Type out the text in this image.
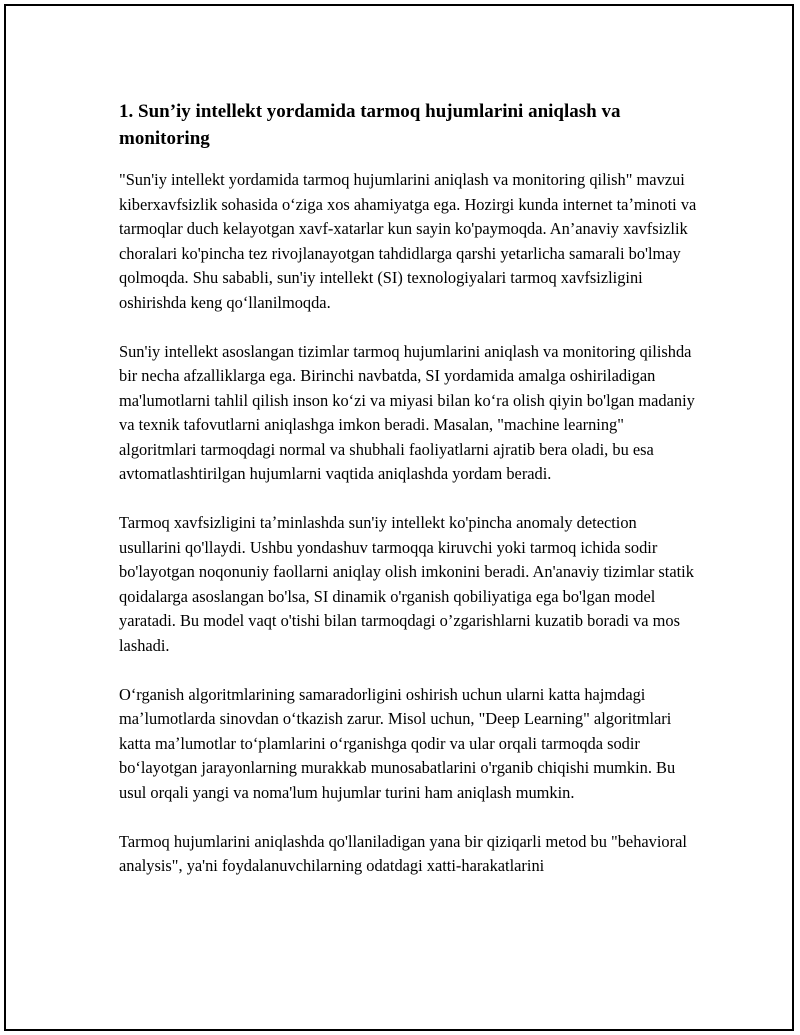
1. Sun’iy intellekt yordamida tarmoq hujumlarini aniqlash va monitoring

"Sun'iy intellekt yordamida tarmoq hujumlarini aniqlash va monitoring qilish" mavzui kiberxavfsizlik sohasida oʻziga xos ahamiyatga ega. Hozirgi kunda internet taʼminoti va tarmoqlar duch kelayotgan xavf-xatarlar kun sayin ko'paymoqda. An’anaviy xavfsizlik choralari ko'pincha tez rivojlanayotgan tahdidlarga qarshi yetarlicha samarali bo'lmay qolmoqda. Shu sababli, sun'iy intellekt (SI) texnologiyalari tarmoq xavfsizligini oshirishda keng qoʻllanilmoqda.

Sun'iy intellekt asoslangan tizimlar tarmoq hujumlarini aniqlash va monitoring qilishda bir necha afzalliklarga ega. Birinchi navbatda, SI yordamida amalga oshiriladigan ma'lumotlarni tahlil qilish inson koʻzi va miyasi bilan koʻra olish qiyin bo'lgan madaniy va texnik tafovutlarni aniqlashga imkon beradi. Masalan, "machine learning" algoritmlari tarmoqdagi normal va shubhali faoliyatlarni ajratib bera oladi, bu esa avtomatlashtirilgan hujumlarni vaqtida aniqlashda yordam beradi.

Tarmoq xavfsizligini taʼminlashda sun'iy intellekt ko'pincha anomaly detection usullarini qo'llaydi. Ushbu yondashuv tarmoqqa kiruvchi yoki tarmoq ichida sodir bo'layotgan noqonuniy faollarni aniqlay olish imkonini beradi. An'anaviy tizimlar statik qoidalarga asoslangan bo'lsa, SI dinamik o'rganish qobiliyatiga ega bo'lgan model yaratadi. Bu model vaqt o'tishi bilan tarmoqdagi o’zgarishlarni kuzatib boradi va mos lashadi.

Oʻrganish algoritmlarining samaradorligini oshirish uchun ularni katta hajmdagi maʼlumotlarda sinovdan oʻtkazish zarur. Misol uchun, "Deep Learning" algoritmlari katta maʼlumotlar toʻplamlarini oʻrganishga qodir va ular orqali tarmoqda sodir boʻlayotgan jarayonlarning murakkab munosabatlarini o'rganib chiqishi mumkin. Bu usul orqali yangi va noma'lum hujumlar turini ham aniqlash mumkin.

Tarmoq hujumlarini aniqlashda qo'llaniladigan yana bir qiziqarli metod bu "behavioral analysis", ya'ni foydalanuvchilarning odatdagi xatti-harakatlarini
